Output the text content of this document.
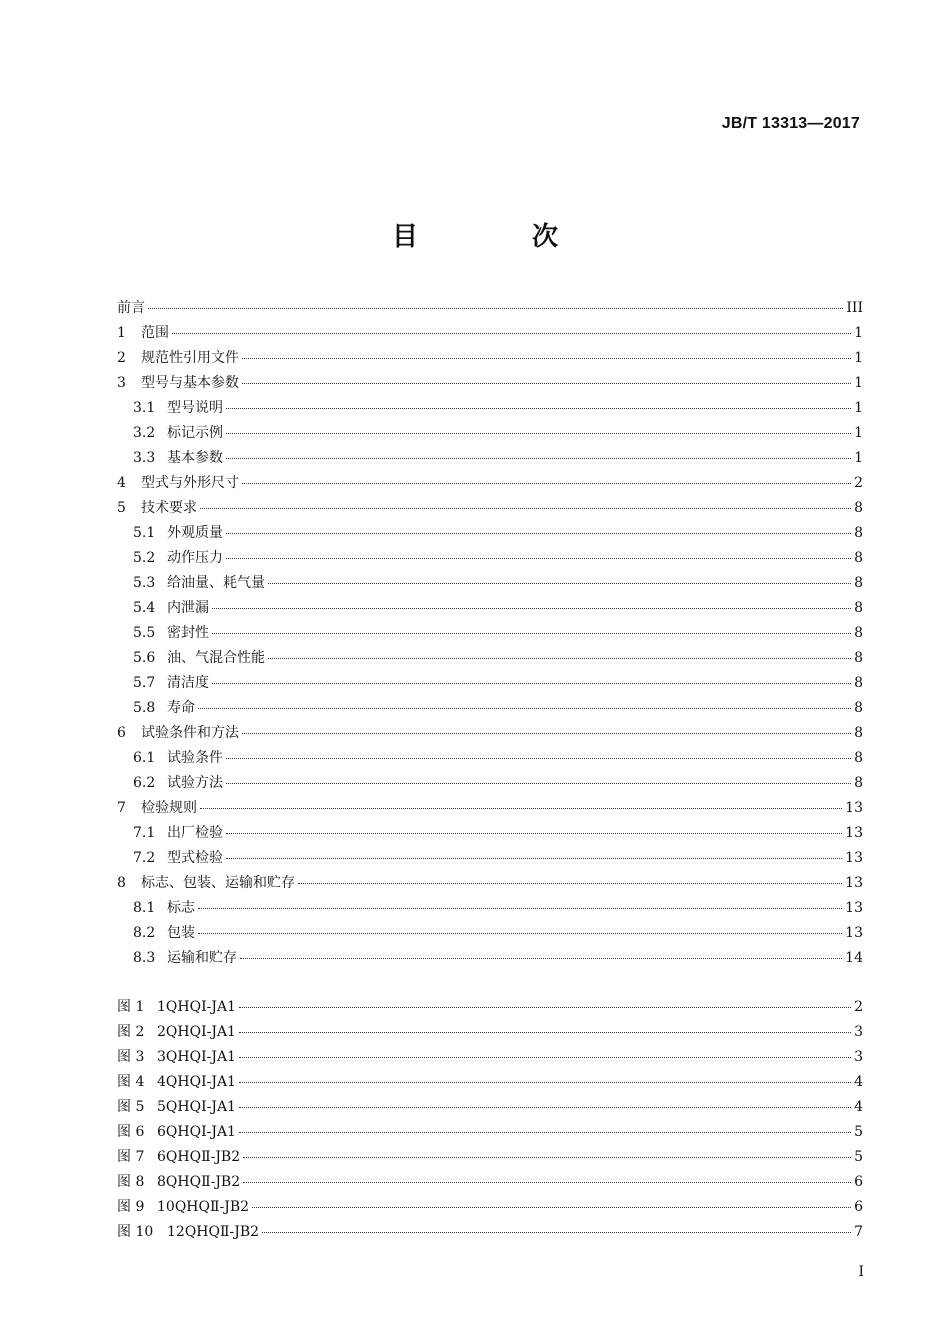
JB/T 13313—2017
目　次
前言	III
1	范围	1
2	规范性引用文件	1
3	型号与基本参数	1
3.1 型号说明	1
3.2 标记示例	1
3.3 基本参数	1
4	型式与外形尺寸	2
5	技术要求	8
5.1 外观质量	8
5.2 动作压力	8
5.3 给油量、耗气量	8
5.4 内泄漏	8
5.5 密封性	8
5.6 油、气混合性能	8
5.7 清洁度	8
5.8 寿命	8
6	试验条件和方法	8
6.1 试验条件	8
6.2 试验方法	8
7	检验规则	13
7.1 出厂检验	13
7.2 型式检验	13
8	标志、包装、运输和贮存	13
8.1 标志	13
8.2 包装	13
8.3 运输和贮存	14
图 1 1QHQⅠ-JA1	2
图 2 2QHQⅠ-JA1	3
图 3 3QHQⅠ-JA1	3
图 4 4QHQⅠ-JA1	4
图 5 5QHQⅠ-JA1	4
图 6 6QHQⅠ-JA1	5
图 7 6QHQⅡ-JB2	5
图 8 8QHQⅡ-JB2	6
图 9 10QHQⅡ-JB2	6
图 10 12QHQⅡ-JB2	7
I
